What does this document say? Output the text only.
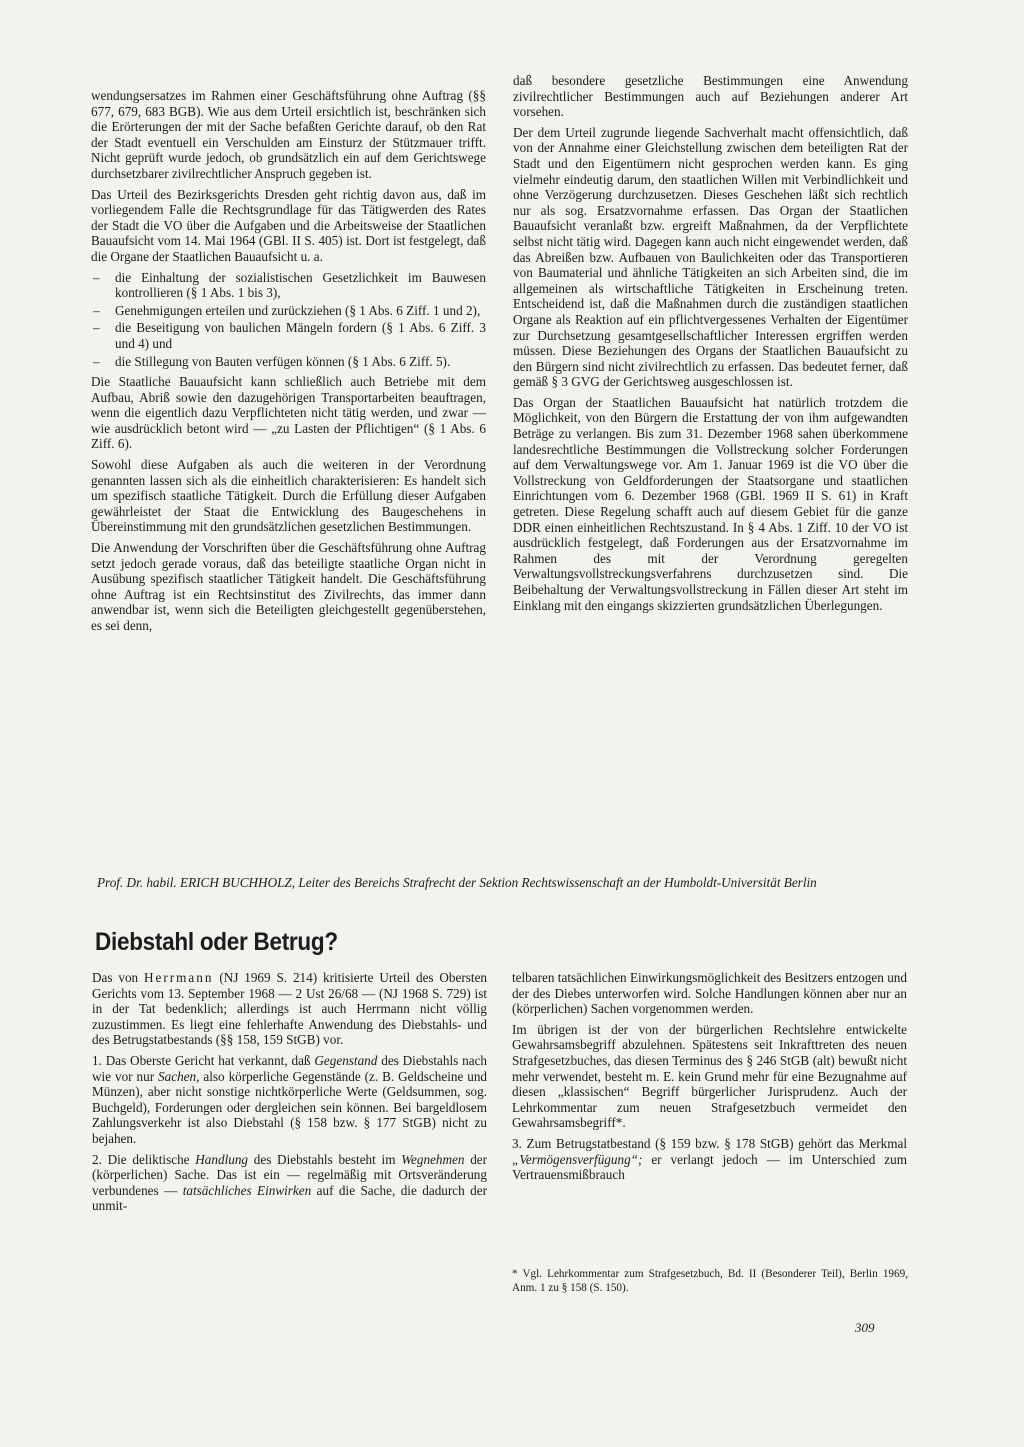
wendungsersatzes im Rahmen einer Geschäftsführung ohne Auftrag (§§ 677, 679, 683 BGB). Wie aus dem Urteil ersichtlich ist, beschränken sich die Erörterungen der mit der Sache befaßten Gerichte darauf, ob den Rat der Stadt eventuell ein Verschulden am Einsturz der Stützmauer trifft. Nicht geprüft wurde jedoch, ob grundsätzlich ein auf dem Gerichtswege durchsetzbarer zivilrechtlicher Anspruch gegeben ist.

Das Urteil des Bezirksgerichts Dresden geht richtig davon aus, daß im vorliegendem Falle die Rechtsgrundlage für das Tätigwerden des Rates der Stadt die VO über die Aufgaben und die Arbeitsweise der Staatlichen Bauaufsicht vom 14. Mai 1964 (GBl. II S. 405) ist. Dort ist festgelegt, daß die Organe der Staatlichen Bauaufsicht u. a.

– die Einhaltung der sozialistischen Gesetzlichkeit im Bauwesen kontrollieren (§ 1 Abs. 1 bis 3),
– Genehmigungen erteilen und zurückziehen (§ 1 Abs. 6 Ziff. 1 und 2),
– die Beseitigung von baulichen Mängeln fordern (§ 1 Abs. 6 Ziff. 3 und 4) und
– die Stillegung von Bauten verfügen können (§ 1 Abs. 6 Ziff. 5).

Die Staatliche Bauaufsicht kann schließlich auch Betriebe mit dem Aufbau, Abriß sowie den dazugehörigen Transportarbeiten beauftragen, wenn die eigentlich dazu Verpflichteten nicht tätig werden, und zwar — wie ausdrücklich betont wird — „zu Lasten der Pflichtigen“ (§ 1 Abs. 6 Ziff. 6).

Sowohl diese Aufgaben als auch die weiteren in der Verordnung genannten lassen sich als die einheitlich charakterisieren: Es handelt sich um spezifisch staatliche Tätigkeit. Durch die Erfüllung dieser Aufgaben gewährleistet der Staat die Entwicklung des Baugeschehens in Übereinstimmung mit den grundsätzlichen gesetzlichen Bestimmungen.

Die Anwendung der Vorschriften über die Geschäftsführung ohne Auftrag setzt jedoch gerade voraus, daß das beteiligte staatliche Organ nicht in Ausübung spezifisch staatlicher Tätigkeit handelt. Die Geschäftsführung ohne Auftrag ist ein Rechtsinstitut des Zivilrechts, das immer dann anwendbar ist, wenn sich die Beteiligten gleichgestellt gegenüberstehen, es sei denn,

daß besondere gesetzliche Bestimmungen eine Anwendung zivilrechtlicher Bestimmungen auch auf Beziehungen anderer Art vorsehen.

Der dem Urteil zugrunde liegende Sachverhalt macht offensichtlich, daß von der Annahme einer Gleichstellung zwischen dem beteiligten Rat der Stadt und den Eigentümern nicht gesprochen werden kann. Es ging vielmehr eindeutig darum, den staatlichen Willen mit Verbindlichkeit und ohne Verzögerung durchzusetzen. Dieses Geschehen läßt sich rechtlich nur als sog. Ersatzvornahme erfassen. Das Organ der Staatlichen Bauaufsicht veranlaßt bzw. ergreift Maßnahmen, da der Verpflichtete selbst nicht tätig wird. Dagegen kann auch nicht eingewendet werden, daß das Abreißen bzw. Aufbauen von Baulichkeiten oder das Transportieren von Baumaterial und ähnliche Tätigkeiten an sich Arbeiten sind, die im allgemeinen als wirtschaftliche Tätigkeiten in Erscheinung treten. Entscheidend ist, daß die Maßnahmen durch die zuständigen staatlichen Organe als Reaktion auf ein pflichtvergessenes Verhalten der Eigentümer zur Durchsetzung gesamtgesellschaftlicher Interessen ergriffen werden müssen. Diese Beziehungen des Organs der Staatlichen Bauaufsicht zu den Bürgern sind nicht zivilrechtlich zu erfassen. Das bedeutet ferner, daß gemäß § 3 GVG der Gerichtsweg ausgeschlossen ist.

Das Organ der Staatlichen Bauaufsicht hat natürlich trotzdem die Möglichkeit, von den Bürgern die Erstattung der von ihm aufgewandten Beträge zu verlangen. Bis zum 31. Dezember 1968 sahen überkommene landesrechtliche Bestimmungen die Vollstreckung solcher Forderungen auf dem Verwaltungswege vor. Am 1. Januar 1969 ist die VO über die Vollstreckung von Geldforderungen der Staatsorgane und staatlichen Einrichtungen vom 6. Dezember 1968 (GBl. 1969 II S. 61) in Kraft getreten. Diese Regelung schafft auch auf diesem Gebiet für die ganze DDR einen einheitlichen Rechtszustand. In § 4 Abs. 1 Ziff. 10 der VO ist ausdrücklich festgelegt, daß Forderungen aus der Ersatzvornahme im Rahmen des mit der Verordnung geregelten Verwaltungsvollstreckungsverfahrens durchzusetzen sind. Die Beibehaltung der Verwaltungsvollstreckung in Fällen dieser Art steht im Einklang mit den eingangs skizzierten grundsätzlichen Überlegungen.

Prof. Dr. habil. ERICH BUCHHOLZ, Leiter des Bereichs Strafrecht der Sektion Rechtswissenschaft an der Humboldt-Universität Berlin
Diebstahl oder Betrug?

Das von Herrmann (NJ 1969 S. 214) kritisierte Urteil des Obersten Gerichts vom 13. September 1968 — 2 Ust 26/68 — (NJ 1968 S. 729) ist in der Tat bedenklich; allerdings ist auch Herrmann nicht völlig zuzustimmen. Es liegt eine fehlerhafte Anwendung des Diebstahls- und des Betrugstatbestands (§§ 158, 159 StGB) vor.

1. Das Oberste Gericht hat verkannt, daß Gegenstand des Diebstahls nach wie vor nur Sachen, also körperliche Gegenstände (z. B. Geldscheine und Münzen), aber nicht sonstige nichtkörperliche Werte (Geldsummen, sog. Buchgeld), Forderungen oder dergleichen sein können. Bei bargeldlosem Zahlungsverkehr ist also Diebstahl (§ 158 bzw. § 177 StGB) nicht zu bejahen.

2. Die deliktische Handlung des Diebstahls besteht im Wegnehmen der (körperlichen) Sache. Das ist ein — regelmäßig mit Ortsveränderung verbundenes — tatsächliches Einwirken auf die Sache, die dadurch der unmit-

telbaren tatsächlichen Einwirkungsmöglichkeit des Besitzers entzogen und der des Diebes unterworfen wird. Solche Handlungen können aber nur an (körperlichen) Sachen vorgenommen werden.

Im übrigen ist der von der bürgerlichen Rechtslehre entwickelte Gewahrsamsbegriff abzulehnen. Spätestens seit Inkrafttreten des neuen Strafgesetzbuches, das diesen Terminus des § 246 StGB (alt) bewußt nicht mehr verwendet, besteht m. E. kein Grund mehr für eine Bezugnahme auf diesen „klassischen“ Begriff bürgerlicher Jurisprudenz. Auch der Lehrkommentar zum neuen Strafgesetzbuch vermeidet den Gewahrsamsbegriff*.

3. Zum Betrugstatbestand (§ 159 bzw. § 178 StGB) gehört das Merkmal „Vermögensverfügung“; er verlangt jedoch — im Unterschied zum Vertrauensmißbrauch

* Vgl. Lehrkommentar zum Strafgesetzbuch, Bd. II (Besonderer Teil), Berlin 1969, Anm. 1 zu § 158 (S. 150).
309
